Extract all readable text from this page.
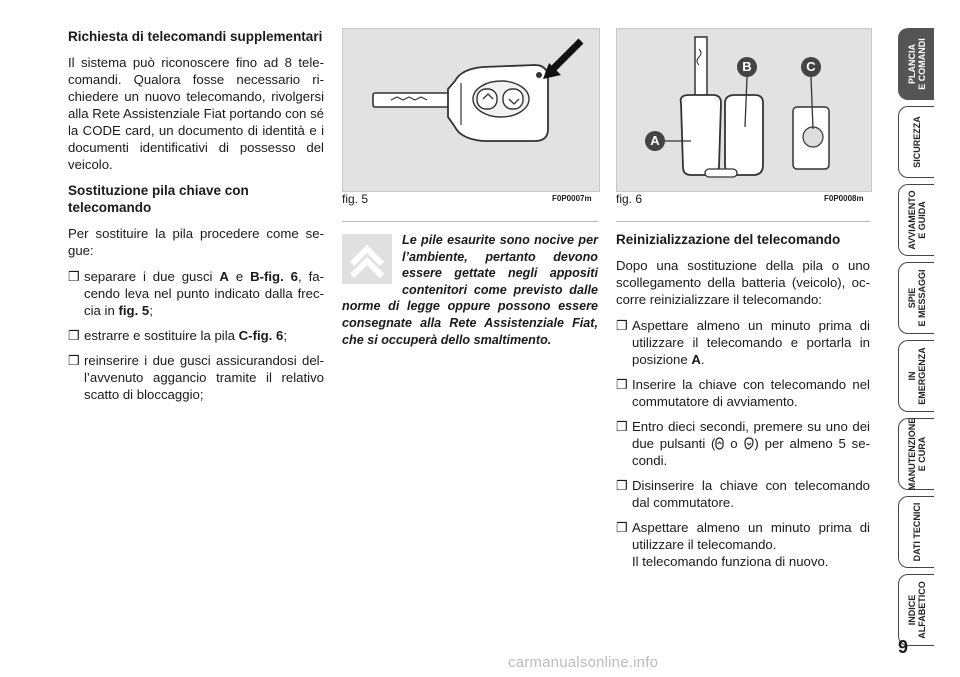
Richiesta di telecomandi supplementari

Il sistema può riconoscere fino ad 8 telecomandi. Qualora fosse necessario richiedere un nuovo telecomando, rivolgersi alla Rete Assistenziale Fiat portando con sé la CODE card, un documento di identità e i documenti identificativi di possesso del veicolo.

Sostituzione pila chiave con telecomando

Per sostituire la pila procedere come segue:

❒ separare i due gusci A e B-fig. 6, facendo leva nel punto indicato dalla freccia in fig. 5;
❒ estrarre e sostituire la pila C-fig. 6;
❒ reinserire i due gusci assicurandosi dell’avvenuto aggancio tramite il relativo scatto di bloccaggio;
fig. 5	F0P0007m
Le pile esaurite sono nocive per l’ambiente, pertanto devono essere gettate negli appositi contenitori come previsto dalle norme di legge oppure possono essere consegnate alla Rete Assistenziale Fiat, che si occuperà dello smaltimento.
B	C
A
fig. 6	F0P0008m
Reinizializzazione del telecomando

Dopo una sostituzione della pila o uno scollegamento della batteria (veicolo), occorre reinizializzare il telecomando:

❒ Aspettare almeno un minuto prima di utilizzare il telecomando e portarla in posizione A.
❒ Inserire la chiave con telecomando nel commutatore di avviamento.
❒ Entro dieci secondi, premere su uno dei due pulsanti ( o ) per almeno 5 secondi.
❒ Disinserire la chiave con telecomando dal commutatore.
❒ Aspettare almeno un minuto prima di utilizzare il telecomando.
Il telecomando funziona di nuovo.
PLANCIA
E COMANDI
SICUREZZA
AVVIAMENTO
E GUIDA
SPIE
E MESSAGGI
IN
EMERGENZA
MANUTENZIONE
E CURA
DATI TECNICI
INDICE
ALFABETICO
9
carmanualsonline.info
